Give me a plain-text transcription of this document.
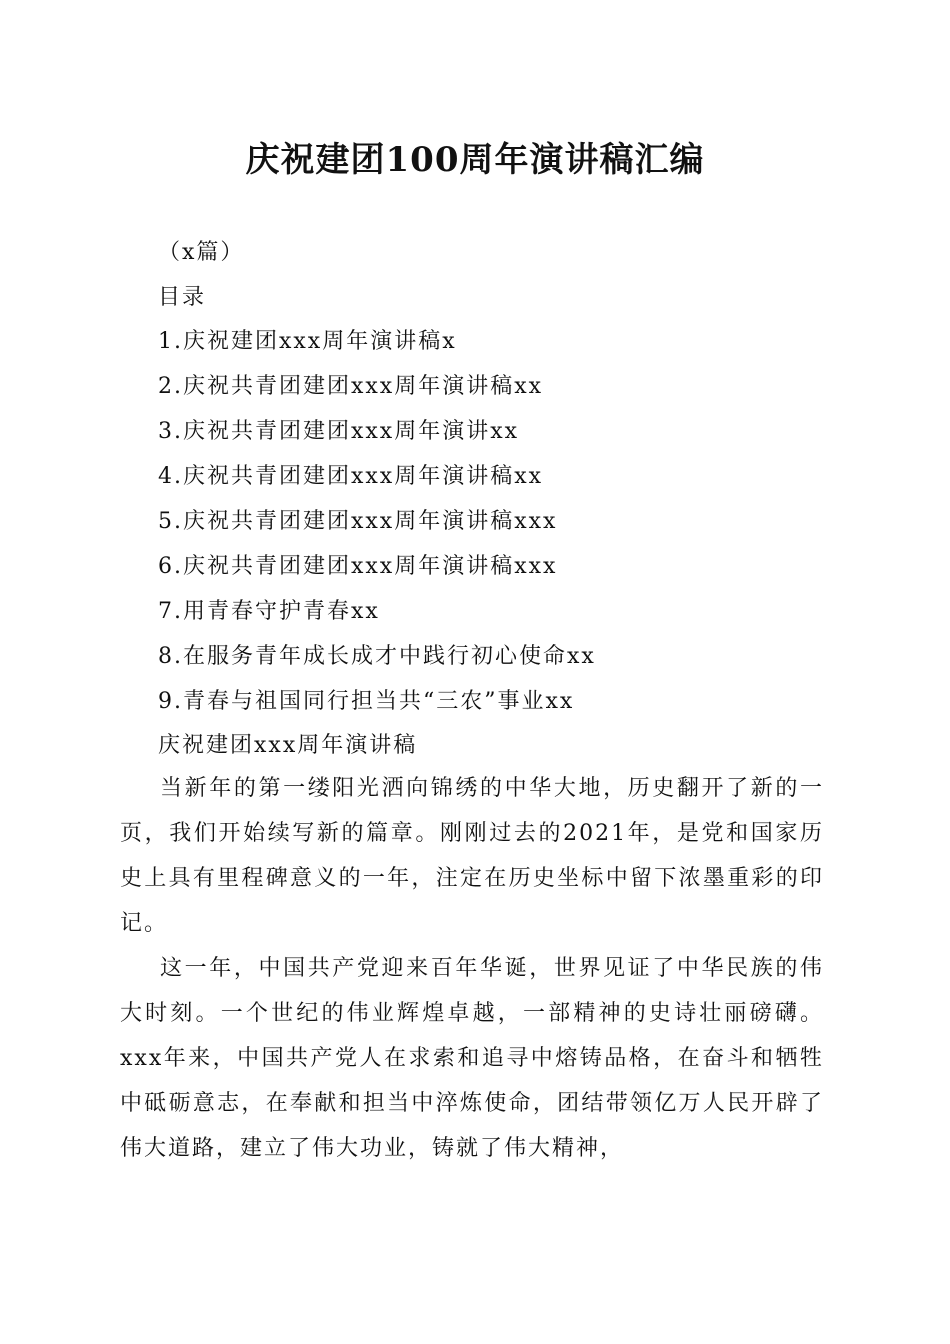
庆祝建团100周年演讲稿汇编
（x篇）
目录
1.庆祝建团xxx周年演讲稿x
2.庆祝共青团建团xxx周年演讲稿xx
3.庆祝共青团建团xxx周年演讲xx
4.庆祝共青团建团xxx周年演讲稿xx
5.庆祝共青团建团xxx周年演讲稿xxx
6.庆祝共青团建团xxx周年演讲稿xxx
7.用青春守护青春xx
8.在服务青年成长成才中践行初心使命xx
9.青春与祖国同行担当共“三农”事业xx
庆祝建团xxx周年演讲稿

当新年的第一缕阳光洒向锦绣的中华大地，历史翻开了新的一页，我们开始续写新的篇章。刚刚过去的2021年，是党和国家历史上具有里程碑意义的一年，注定在历史坐标中留下浓墨重彩的印记。

这一年，中国共产党迎来百年华诞，世界见证了中华民族的伟大时刻。一个世纪的伟业辉煌卓越，一部精神的史诗壮丽磅礴。xxx年来，中国共产党人在求索和追寻中熔铸品格，在奋斗和牺牲中砥砺意志，在奉献和担当中淬炼使命，团结带领亿万人民开辟了伟大道路，建立了伟大功业，铸就了伟大精神，
